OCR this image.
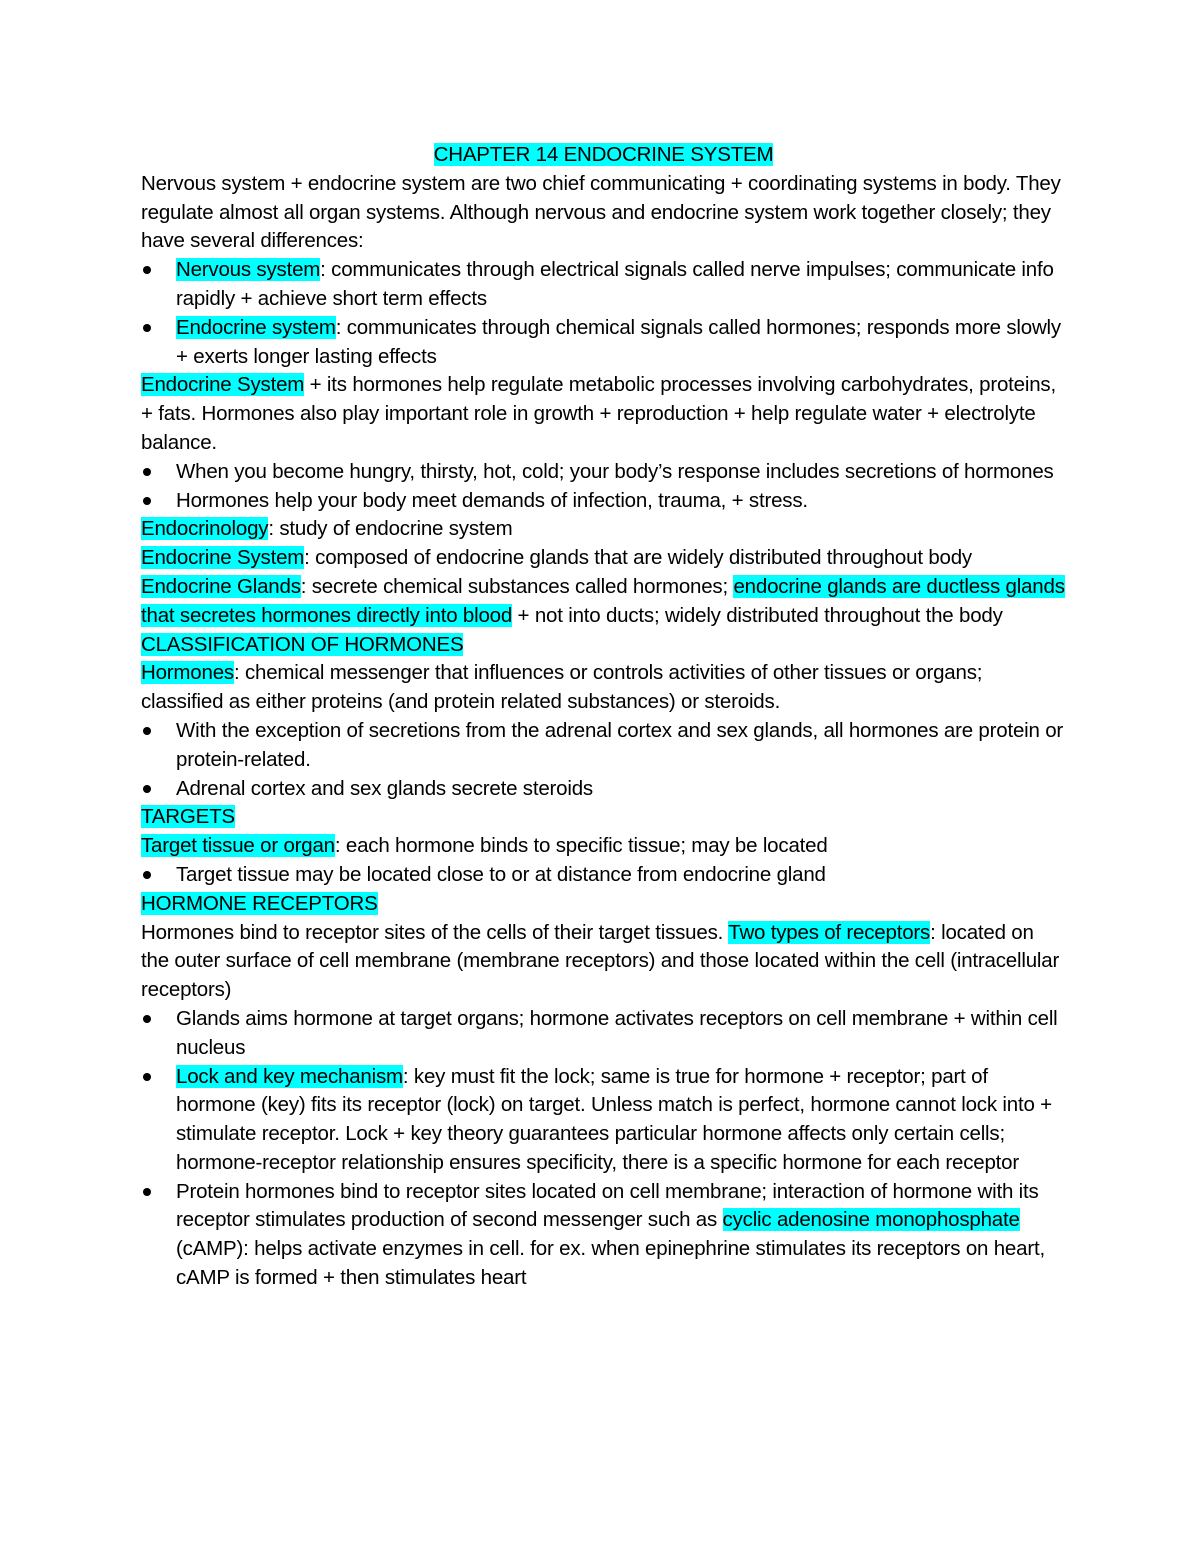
CHAPTER 14 ENDOCRINE SYSTEM

Nervous system + endocrine system are two chief communicating + coordinating systems in body. They regulate almost all organ systems. Although nervous and endocrine system work together closely; they have several differences:

Nervous system: communicates through electrical signals called nerve impulses; communicate info rapidly + achieve short term effects
Endocrine system: communicates through chemical signals called hormones; responds more slowly + exerts longer lasting effects

Endocrine System + its hormones help regulate metabolic processes involving carbohydrates, proteins, + fats. Hormones also play important role in growth + reproduction + help regulate water + electrolyte balance.

When you become hungry, thirsty, hot, cold; your body’s response includes secretions of hormones
Hormones help your body meet demands of infection, trauma, + stress.

Endocrinology: study of endocrine system

Endocrine System: composed of endocrine glands that are widely distributed throughout body

Endocrine Glands: secrete chemical substances called hormones; endocrine glands are ductless glands that secretes hormones directly into blood + not into ducts; widely distributed throughout the body

CLASSIFICATION OF HORMONES

Hormones: chemical messenger that influences or controls activities of other tissues or organs; classified as either proteins (and protein related substances) or steroids.

With the exception of secretions from the adrenal cortex and sex glands, all hormones are protein or protein-related.
Adrenal cortex and sex glands secrete steroids

TARGETS

Target tissue or organ: each hormone binds to specific tissue; may be located

Target tissue may be located close to or at distance from endocrine gland

HORMONE RECEPTORS

Hormones bind to receptor sites of the cells of their target tissues. Two types of receptors: located on the outer surface of cell membrane (membrane receptors) and those located within the cell (intracellular receptors)

Glands aims hormone at target organs; hormone activates receptors on cell membrane + within cell nucleus
Lock and key mechanism: key must fit the lock; same is true for hormone + receptor; part of hormone (key) fits its receptor (lock) on target. Unless match is perfect, hormone cannot lock into + stimulate receptor. Lock + key theory guarantees particular hormone affects only certain cells; hormone-receptor relationship ensures specificity, there is a specific hormone for each receptor
Protein hormones bind to receptor sites located on cell membrane; interaction of hormone with its receptor stimulates production of second messenger such as cyclic adenosine monophosphate (cAMP): helps activate enzymes in cell. for ex. when epinephrine stimulates its receptors on heart, cAMP is formed + then stimulates heart
